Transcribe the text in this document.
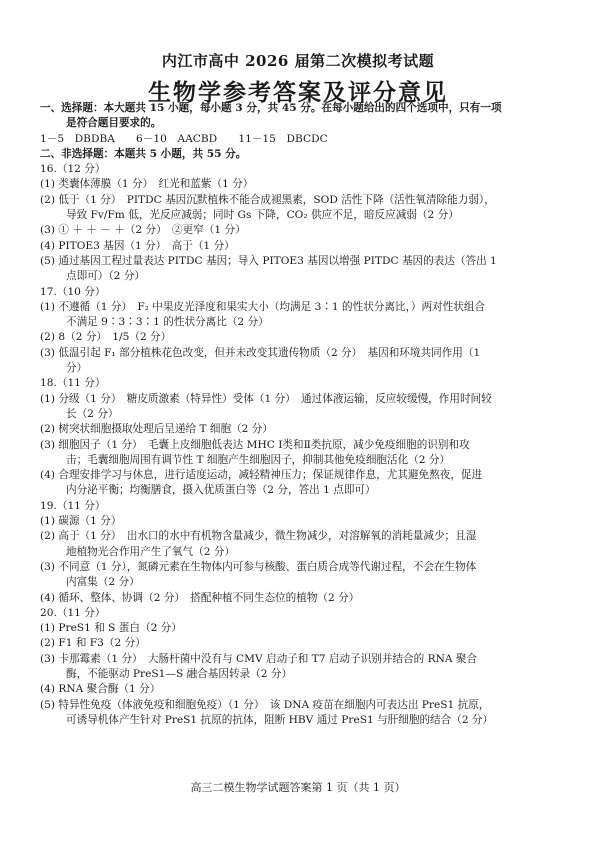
内江市高中 2026 届第二次模拟考试题
生物学参考答案及评分意见
一、选择题：本大题共 15 小题，每小题 3 分，共 45 分。在每小题给出的四个选项中，只有一项
是符合题目要求的。
1－5　DBDBA　　6－10　AACBD　　11－15　DBCDC
二、非选择题：本题共 5 小题，共 55 分。
16.（12 分）
(1) 类囊体薄膜（1 分）　红光和蓝紫（1 分）
(2) 低于（1 分）　PITDC 基因沉默植株不能合成褪黑素，SOD 活性下降（活性氧清除能力弱），
导致 Fv/Fm 低，光反应减弱；同时 Gs 下降，CO₂ 供应不足，暗反应减弱（2 分）
(3) ① ＋ ＋ － ＋（2 分）　②更窄（1 分）
(4) PITOE3 基因（1 分）　高于（1 分）
(5) 通过基因工程过量表达 PITDC 基因；导入 PITOE3 基因以增强 PITDC 基因的表达（答出 1
点即可）（2 分）
17.（10 分）
(1) 不遵循（1 分）　F₂ 中果皮光泽度和果实大小（均满足 3∶1 的性状分离比，）两对性状组合
不满足 9∶3∶3∶1 的性状分离比（2 分）
(2) 8（2 分）　1/5（2 分）
(3) 低温引起 F₁ 部分植株花色改变，但并未改变其遗传物质（2 分）　基因和环境共同作用（1
分）
18.（11 分）
(1) 分级（1 分）　糖皮质激素（特异性）受体（1 分）　通过体液运输，反应较缓慢，作用时间较
长（2 分）
(2) 树突状细胞摄取处理后呈递给 T 细胞（2 分）
(3) 细胞因子（1 分）　毛囊上皮细胞低表达 MHC Ⅰ类和Ⅱ类抗原，减少免疫细胞的识别和攻
击；毛囊细胞周围有调节性 T 细胞产生细胞因子，抑制其他免疫细胞活化（2 分）
(4) 合理安排学习与休息，进行适度运动，减轻精神压力；保证规律作息，尤其避免熬夜，促进
内分泌平衡；均衡膳食，摄入优质蛋白等（2 分，答出 1 点即可）
19.（11 分）
(1) 碳源（1 分）
(2) 高于（1 分）　出水口的水中有机物含量减少，微生物减少，对溶解氧的消耗量减少；且湿
地植物光合作用产生了氧气（2 分）
(3) 不同意（1 分），氮磷元素在生物体内可参与核酸、蛋白质合成等代谢过程，不会在生物体
内富集（2 分）
(4) 循环、整体、协调（2 分）　搭配种植不同生态位的植物（2 分）
20.（11 分）
(1) PreS1 和 S 蛋白（2 分）
(2) F1 和 F3（2 分）
(3) 卡那霉素（1 分）　大肠杆菌中没有与 CMV 启动子和 T7 启动子识别并结合的 RNA 聚合
酶，不能驱动 PreS1—S 融合基因转录（2 分）
(4) RNA 聚合酶（1 分）
(5) 特异性免疫（体液免疫和细胞免疫）（1 分）　该 DNA 疫苗在细胞内可表达出 PreS1 抗原，
可诱导机体产生针对 PreS1 抗原的抗体，阻断 HBV 通过 PreS1 与肝细胞的结合（2 分）
高三二模生物学试题答案第 1 页（共 1 页）
